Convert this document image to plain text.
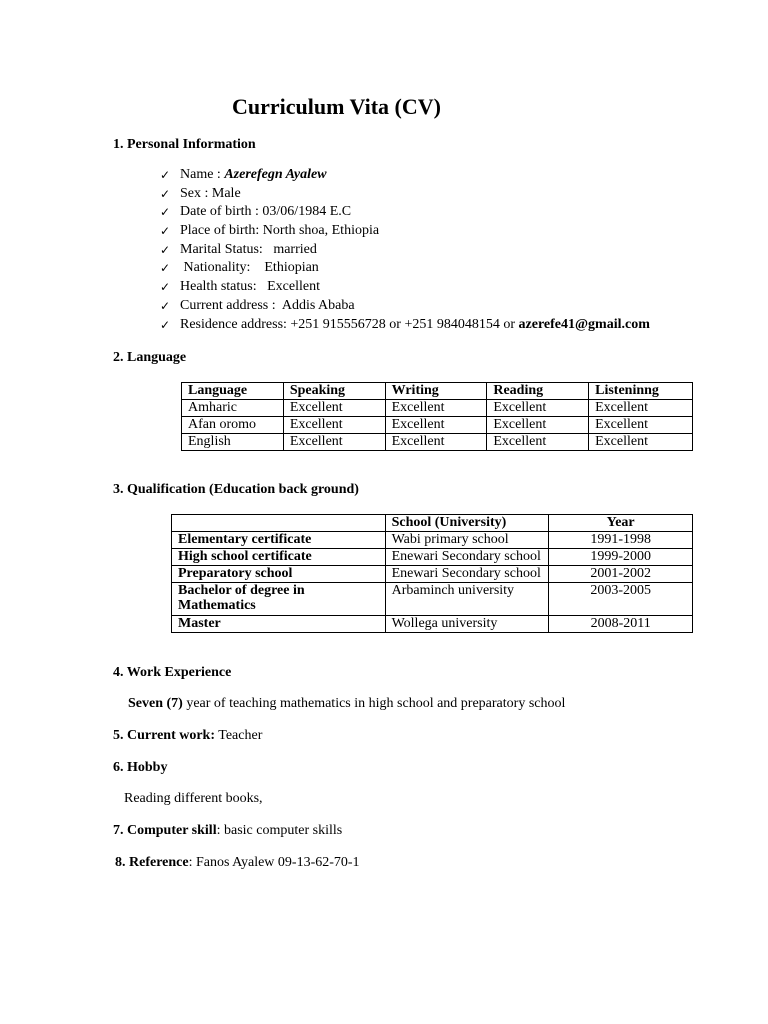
Curriculum Vita (CV)
1. Personal Information
✓ Name : Azerefegn Ayalew
✓ Sex : Male
✓ Date of birth : 03/06/1984 E.C
✓ Place of birth: North shoa, Ethiopia
✓ Marital Status:   married
✓ Nationality:    Ethiopian
✓ Health status:   Excellent
✓ Current address :  Addis Ababa
✓ Residence address: +251 915556728 or +251 984048154 or azerefe41@gmail.com
2. Language
Language	Speaking	Writing	Reading	Listeninng
Amharic	Excellent	Excellent	Excellent	Excellent
Afan oromo	Excellent	Excellent	Excellent	Excellent
English	Excellent	Excellent	Excellent	Excellent
3. Qualification (Education back ground)
	School (University)	Year
Elementary certificate	Wabi primary school	1991-1998
High school certificate	Enewari Secondary school	1999-2000
Preparatory school	Enewari Secondary school	2001-2002
Bachelor of degree in Mathematics	Arbaminch university	2003-2005
Master	Wollega university	2008-2011
4. Work Experience
Seven (7) year of teaching mathematics in high school and preparatory school
5. Current work: Teacher
6. Hobby
Reading different books,
7. Computer skill: basic computer skills
8. Reference: Fanos Ayalew 09-13-62-70-1
